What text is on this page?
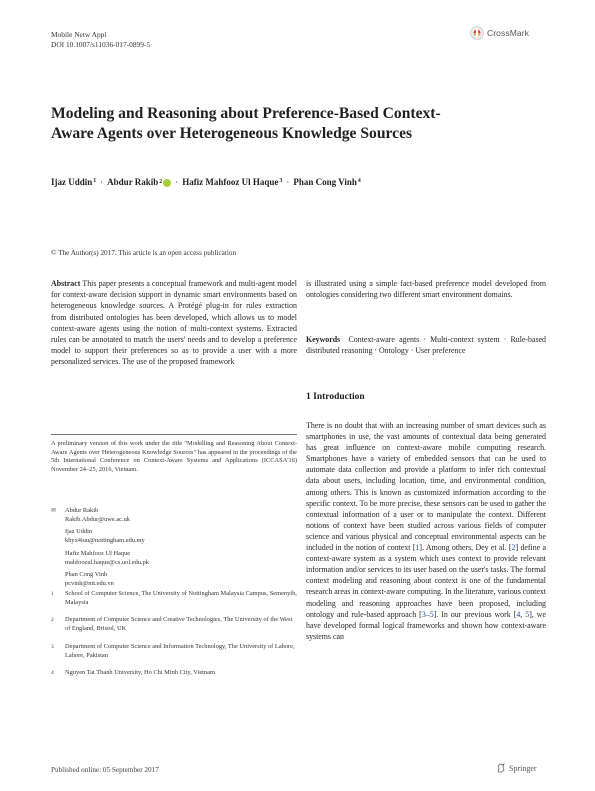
Mobile Netw Appl
DOI 10.1007/s11036-017-0899-5
CrossMark
Modeling and Reasoning about Preference-Based Context-Aware Agents over Heterogeneous Knowledge Sources
Ijaz Uddin$^1$ · Abdur Rakib 2 · Hafiz Mahfooz Ul Haque$^3$ · Phan Cong Vinh$^4$
© The Author(s) 2017. This article is an open access publication
Abstract This paper presents a conceptual framework and multi-agent model for context-aware decision support in dynamic smart environments based on heterogeneous knowledge sources. A Protégé plug-in for rules extraction from distributed ontologies has been developed, which allows us to model context-aware agents using the notion of multi-context systems. Extracted rules can be annotated to match the users' needs and to develop a preference model to support their preferences so as to provide a user with a more personalized services. The use of the proposed framework
is illustrated using a simple fact-based preference model developed from ontologies considering two different smart environment domains.
Keywords Context-aware agents · Multi-context system · Rule-based distributed reasoning · Ontology · User preference
1 Introduction
There is no doubt that with an increasing number of smart devices such as smartphones in use, the vast amounts of contextual data being generated has great influence on context-aware mobile computing research. Smartphones have a variety of embedded sensors that can be used to automate data collection and provide a platform to infer rich contextual data about users, including location, time, and environmental condition, among others. This is known as customized information according to the specific context. To be more precise, these sensors can be used to gather the contextual information of a user or to manipulate the context. Different notions of context have been studied across various fields of computer science and various physical and conceptual environmental aspects can be included in the notion of context [1]. Among others, Dey et al. [2] define a context-aware system as a system which uses context to provide relevant information and/or services to its user based on the user's tasks. The formal context modeling and reasoning about context is one of the fundamental research areas in context-aware computing. In the literature, various context modeling and reasoning approaches have been proposed, including ontology and rule-based approach [3–5]. In our previous work [4, 5], we have developed formal logical frameworks and shown how context-aware systems can
A preliminary version of this work under the title "Modelling and Reasoning About Context-Aware Agents over Heterogeneous Knowledge Sources" has appeared in the proceedings of the 5th International Conference on Context-Aware Systems and Applications (ICCASA'16) November 24–25, 2016, Vietnam.
✉	Abdur Rakib
Rakib.Abdur@uwe.ac.uk
Ijaz Uddin
khyx4iuu@nottingham.edu.my
Hafiz Mahfooz Ul Haque
mahfoozul.haque@cs.uol.edu.pk
Phan Cong Vinh
pcvinh@ntt.edu.vn
1	School of Computer Science, The University of Nottingham Malaysia Campus, Semenyih, Malaysia
2	Department of Computer Science and Creative Technologies, The University of the West of England, Bristol, UK
3	Department of Computer Science and Information Technology, The University of Lahore, Lahore, Pakistan
4	Nguyen Tat Thanh University, Ho Chi Minh City, Vietnam
Published online: 05 September 2017	Springer
